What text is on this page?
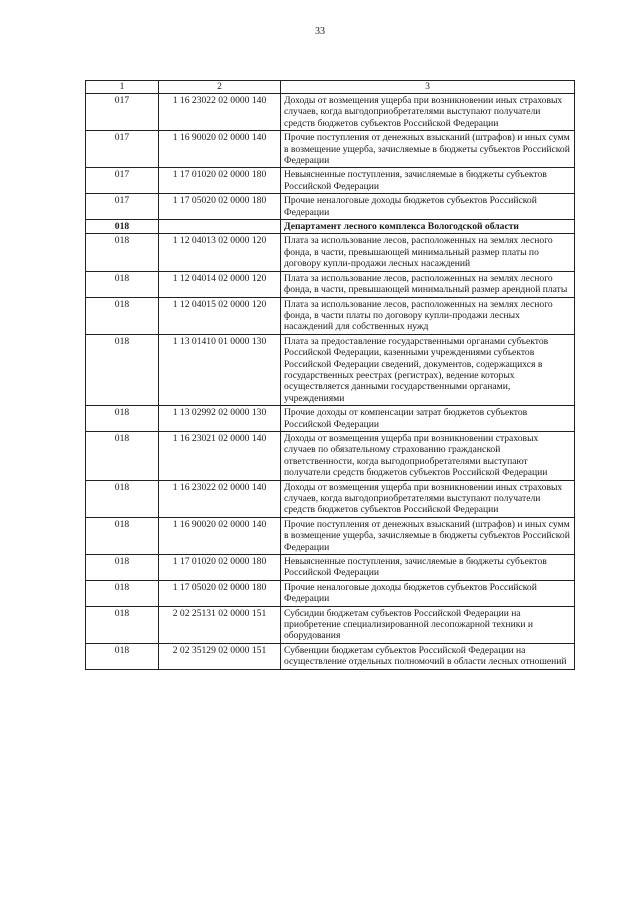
33
1	2	3
017	1 16 23022 02 0000 140	Доходы от возмещения ущерба при возникновении иных страховых случаев, когда выгодоприобретателями выступают получатели средств бюджетов субъектов Российской Федерации
017	1 16 90020 02 0000 140	Прочие поступления от денежных взысканий (штрафов) и иных сумм в возмещение ущерба, зачисляемые в бюджеты субъектов Российской Федерации
017	1 17 01020 02 0000 180	Невыясненные поступления, зачисляемые в бюджеты субъектов Российской Федерации
017	1 17 05020 02 0000 180	Прочие неналоговые доходы бюджетов субъектов Российской Федерации
018		Департамент лесного комплекса Вологодской области
018	1 12 04013 02 0000 120	Плата за использование лесов, расположенных на землях лесного фонда, в части, превышающей минимальный размер платы по договору купли-продажи лесных насаждений
018	1 12 04014 02 0000 120	Плата за использование лесов, расположенных на землях лесного фонда, в части, превышающей минимальный размер арендной платы
018	1 12 04015 02 0000 120	Плата за использование лесов, расположенных на землях лесного фонда, в части платы по договору купли-продажи лесных насаждений для собственных нужд
018	1 13 01410 01 0000 130	Плата за предоставление государственными органами субъектов Российской Федерации, казенными учреждениями субъектов Российской Федерации сведений, документов, содержащихся в государственных реестрах (регистрах), ведение которых осуществляется данными государственными органами, учреждениями
018	1 13 02992 02 0000 130	Прочие доходы от компенсации затрат бюджетов субъектов Российской Федерации
018	1 16 23021 02 0000 140	Доходы от возмещения ущерба при возникновении страховых случаев по обязательному страхованию гражданской ответственности, когда выгодоприобретателями выступают получатели средств бюджетов субъектов Российской Федерации
018	1 16 23022 02 0000 140	Доходы от возмещения ущерба при возникновении иных страховых случаев, когда выгодоприобретателями выступают получатели средств бюджетов субъектов Российской Федерации
018	1 16 90020 02 0000 140	Прочие поступления от денежных взысканий (штрафов) и иных сумм в возмещение ущерба, зачисляемые в бюджеты субъектов Российской Федерации
018	1 17 01020 02 0000 180	Невыясненные поступления, зачисляемые в бюджеты субъектов Российской Федерации
018	1 17 05020 02 0000 180	Прочие неналоговые доходы бюджетов субъектов Российской Федерации
018	2 02 25131 02 0000 151	Субсидии бюджетам субъектов Российской Федерации на приобретение специализированной лесопожарной техники и оборудования
018	2 02 35129 02 0000 151	Субвенции бюджетам субъектов Российской Федерации на осуществление отдельных полномочий в области лесных отношений
